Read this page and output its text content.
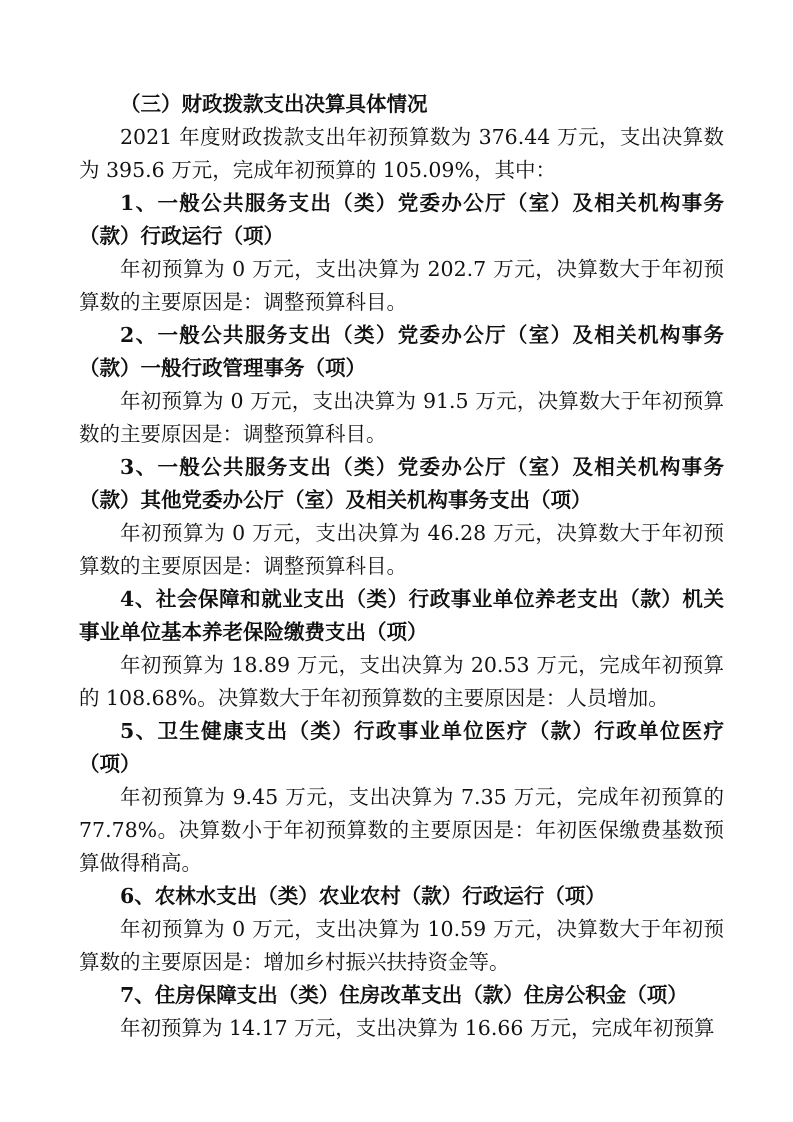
（三）财政拨款支出决算具体情况

2021 年度财政拨款支出年初预算数为 376.44 万元，支出决算数为 395.6 万元，完成年初预算的 105.09%，其中：

1、一般公共服务支出（类）党委办公厅（室）及相关机构事务（款）行政运行（项）

年初预算为 0 万元，支出决算为 202.7 万元，决算数大于年初预算数的主要原因是：调整预算科目。

2、一般公共服务支出（类）党委办公厅（室）及相关机构事务（款）一般行政管理事务（项）

年初预算为 0 万元，支出决算为 91.5 万元，决算数大于年初预算数的主要原因是：调整预算科目。

3、一般公共服务支出（类）党委办公厅（室）及相关机构事务（款）其他党委办公厅（室）及相关机构事务支出（项）

年初预算为 0 万元，支出决算为 46.28 万元，决算数大于年初预算数的主要原因是：调整预算科目。

4、社会保障和就业支出（类）行政事业单位养老支出（款）机关事业单位基本养老保险缴费支出（项）

年初预算为 18.89 万元，支出决算为 20.53 万元，完成年初预算的 108.68%。决算数大于年初预算数的主要原因是：人员增加。

5、卫生健康支出（类）行政事业单位医疗（款）行政单位医疗（项）

年初预算为 9.45 万元，支出决算为 7.35 万元，完成年初预算的 77.78%。决算数小于年初预算数的主要原因是：年初医保缴费基数预算做得稍高。

6、农林水支出（类）农业农村（款）行政运行（项）

年初预算为 0 万元，支出决算为 10.59 万元，决算数大于年初预算数的主要原因是：增加乡村振兴扶持资金等。

7、住房保障支出（类）住房改革支出（款）住房公积金（项）

年初预算为 14.17 万元，支出决算为 16.66 万元，完成年初预算
